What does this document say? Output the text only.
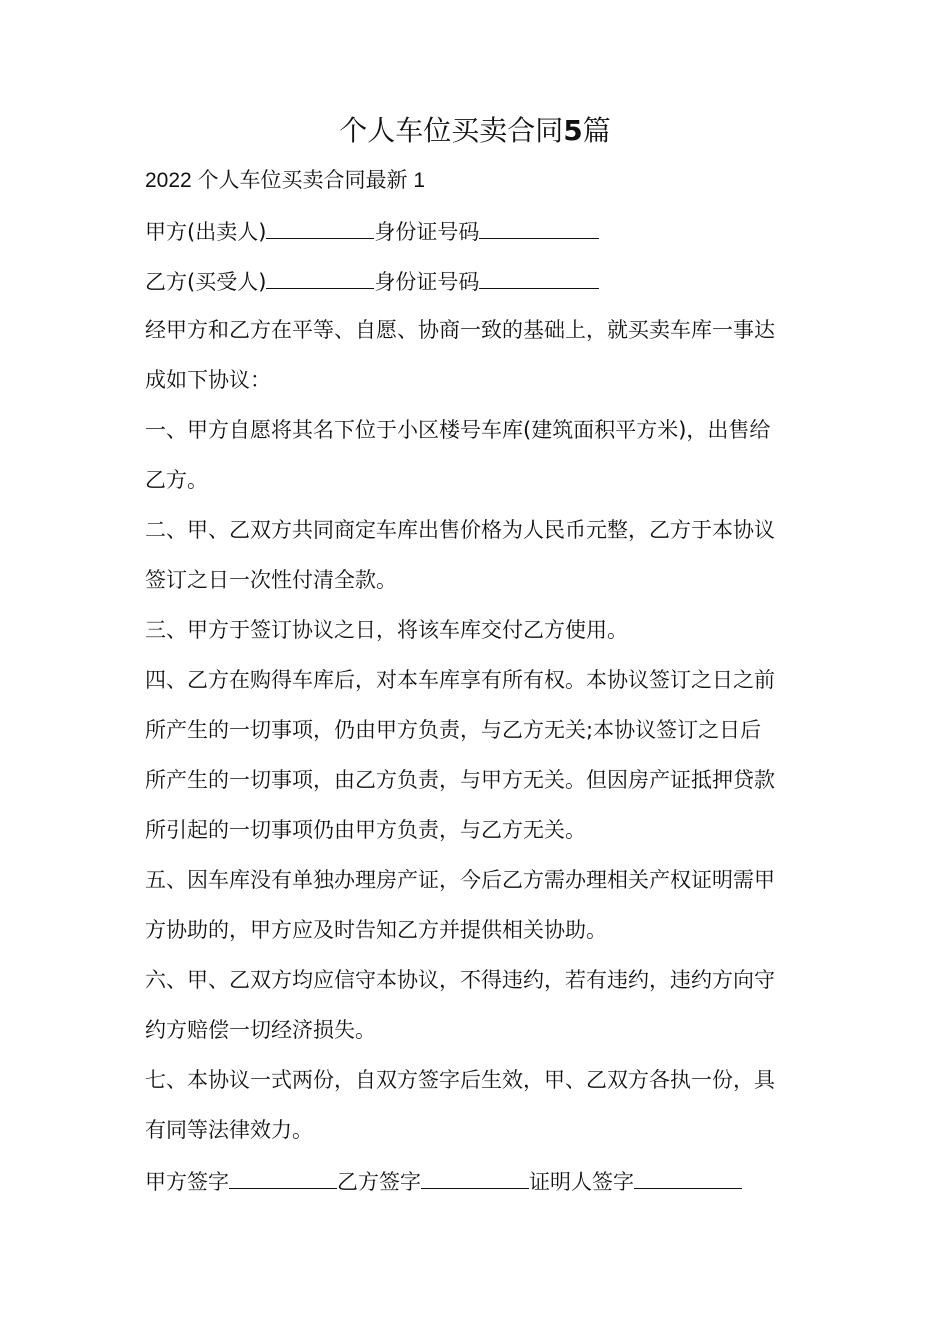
个人车位买卖合同5篇
2022 个人车位买卖合同最新 1
甲方(出卖人)	身份证号码
乙方(买受人)	身份证号码
经甲方和乙方在平等、自愿、协商一致的基础上，就买卖车库一事达
成如下协议：
一、甲方自愿将其名下位于小区楼号车库(建筑面积平方米)，出售给
乙方。
二、甲、乙双方共同商定车库出售价格为人民币元整，乙方于本协议
签订之日一次性付清全款。
三、甲方于签订协议之日，将该车库交付乙方使用。
四、乙方在购得车库后，对本车库享有所有权。本协议签订之日之前
所产生的一切事项，仍由甲方负责，与乙方无关;本协议签订之日后
所产生的一切事项，由乙方负责，与甲方无关。但因房产证抵押贷款
所引起的一切事项仍由甲方负责，与乙方无关。
五、因车库没有单独办理房产证，今后乙方需办理相关产权证明需甲
方协助的，甲方应及时告知乙方并提供相关协助。
六、甲、乙双方均应信守本协议，不得违约，若有违约，违约方向守
约方赔偿一切经济损失。
七、本协议一式两份，自双方签字后生效，甲、乙双方各执一份，具
有同等法律效力。
甲方签字	乙方签字	证明人签字
